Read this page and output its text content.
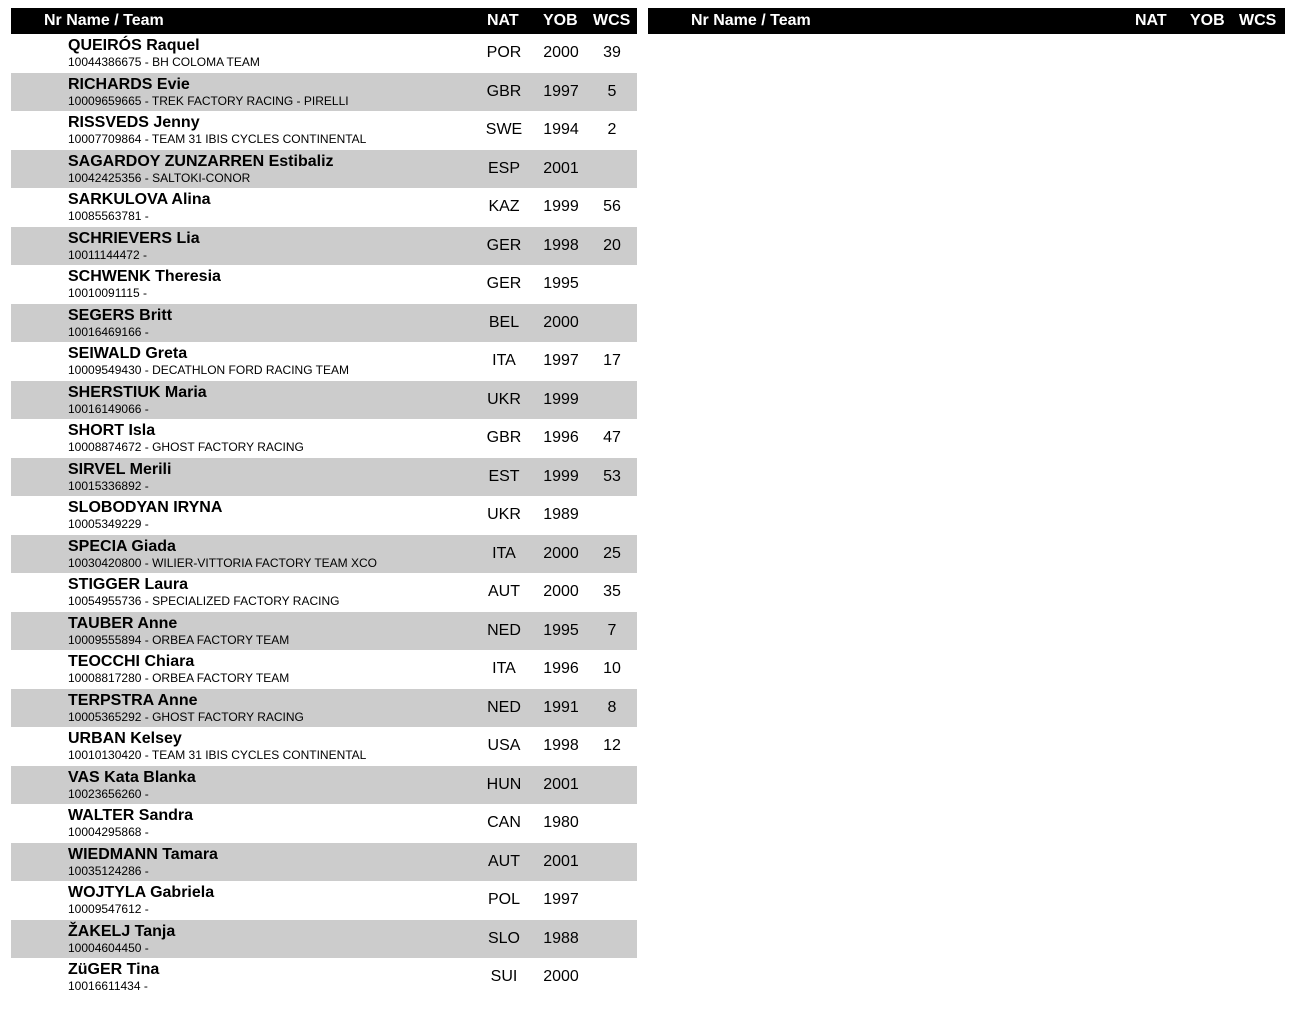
Nr Name / Team	NAT YOB WCS
QUEIRÓS Raquel
10044386675 - BH COLOMA TEAM
POR	2000	39
RICHARDS Evie
10009659665 - TREK FACTORY RACING - PIRELLI
GBR	1997	5
RISSVEDS Jenny
10007709864 - TEAM 31 IBIS CYCLES CONTINENTAL
SWE	1994	2
SAGARDOY ZUNZARREN Estibaliz
10042425356 - SALTOKI-CONOR
ESP	2001
SARKULOVA Alina
10085563781 -
KAZ	1999	56
SCHRIEVERS Lia
10011144472 -
GER	1998	20
SCHWENK Theresia
10010091115 -
GER	1995
SEGERS Britt
10016469166 -
BEL	2000
SEIWALD Greta
10009549430 - DECATHLON FORD RACING TEAM
ITA	1997	17
SHERSTIUK Maria
10016149066 -
UKR	1999
SHORT Isla
10008874672 - GHOST FACTORY RACING
GBR	1996	47
SIRVEL Merili
10015336892 -
EST	1999	53
SLOBODYAN IRYNA
10005349229 -
UKR	1989
SPECIA Giada
10030420800 - WILIER-VITTORIA FACTORY TEAM XCO
ITA	2000	25
STIGGER Laura
10054955736 - SPECIALIZED FACTORY RACING
AUT	2000	35
TAUBER Anne
10009555894 - ORBEA FACTORY TEAM
NED	1995	7
TEOCCHI Chiara
10008817280 - ORBEA FACTORY TEAM
ITA	1996	10
TERPSTRA Anne
10005365292 - GHOST FACTORY RACING
NED	1991	8
URBAN Kelsey
10010130420 - TEAM 31 IBIS CYCLES CONTINENTAL
USA	1998	12
VAS Kata Blanka
10023656260 -
HUN	2001
WALTER Sandra
10004295868 -
CAN	1980
WIEDMANN Tamara
10035124286 -
AUT	2001
WOJTYLA Gabriela
10009547612 -
POL	1997
ŽAKELJ Tanja
10004604450 -
SLO	1988
ZüGER Tina
10016611434 -
SUI	2000
Nr Name / Team	NAT YOB WCS
